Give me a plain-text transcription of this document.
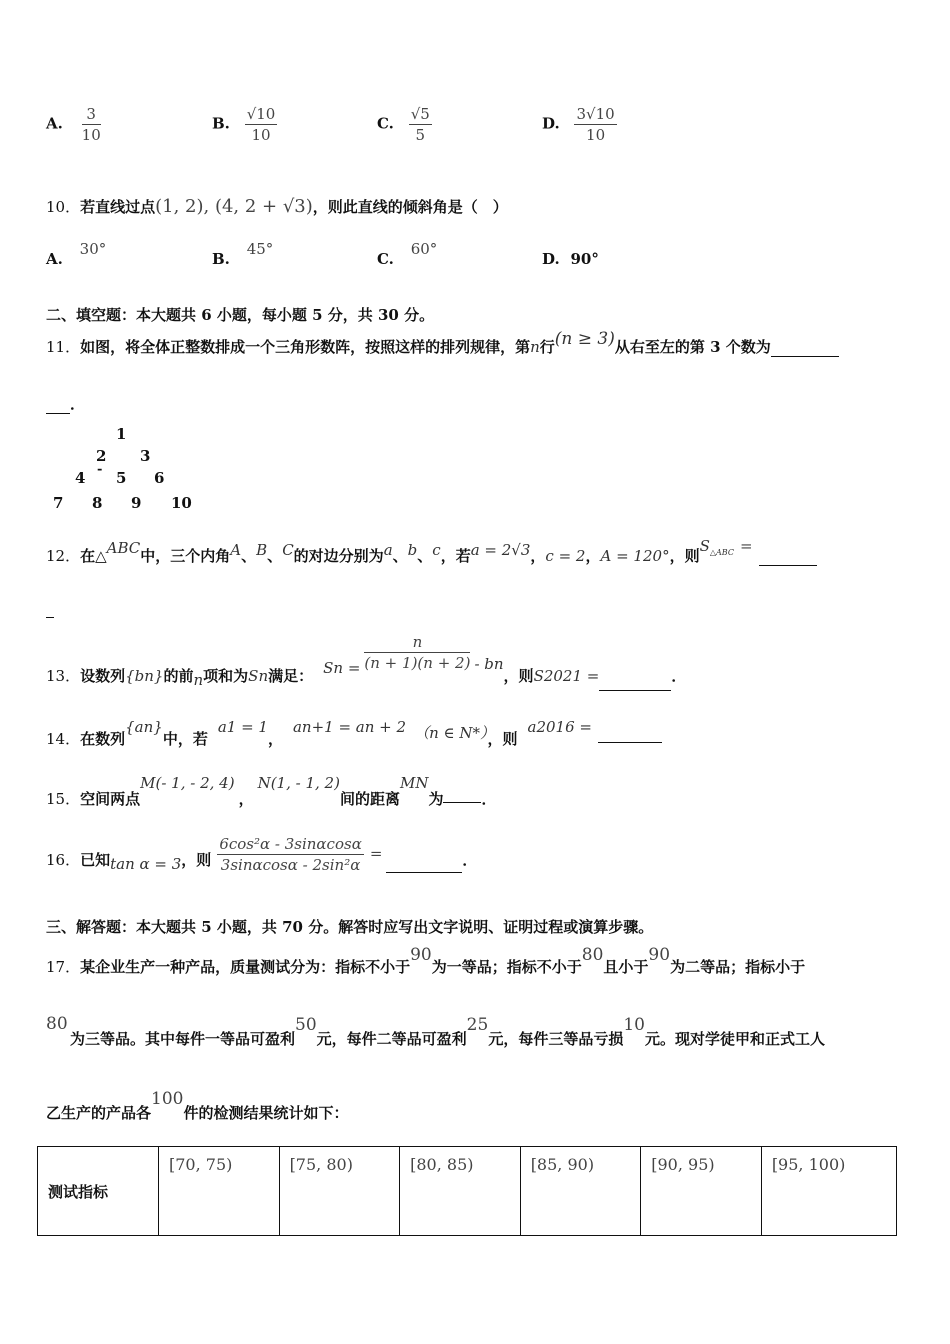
A. $\frac{3}{10}$	B. $\frac{√10}{10}$	C. $\frac{√5}{5}$	D. $\frac{3√10}{10}$
10．若直线过点(1, 2), (4, 2 + √3)，则此直线的倾斜角是（　）
A. 30°
B. 45°
C. 60°
D. 90°
二、填空题：本大题共 6 小题，每小题 5 分，共 30 分。
11．如图，将全体正整数排成一个三角形数阵，按照这样的排列规律，第n行(n ≥ 3)从右至左的第 3 个数为
．
1
2 3
4 - 5 6
7 8 9 10
12．在△ABC中，三个内角A、B、C的对边分别为a、b、c，若a = 2√3，c = 2，A = 120°，则$S^{\triangle ABC}$ =
13．设数列{bn}的前n项和为Sn满足： $Sn = \frac{n}{(n + 1)(n + 2)}$ - bn，则S2021 =	．
14．在数列{an}中，若a1 = 1，an+1 = an + 2 （n ∈ N*），则a2016 =
15．空间两点M(- 1, - 2, 4)，N(1, - 1, 2)间的距离MN为	．
16．已知tan α = 3，则 $\frac{\text{6cos²α - 3sinαcosα}}{\text{3sinαcosα - 2sin²α}}$ =	．
三、解答题：本大题共 5 小题，共 70 分。解答时应写出文字说明、证明过程或演算步骤。
17．某企业生产一种产品，质量测试分为：指标不小于90为一等品；指标不小于80且小于90为二等品；指标小于
80
为三等品。其中每件一等品可盈利50元，每件二等品可盈利25元，每件三等品亏损10元。现对学徒甲和正式工人
乙生产的产品各100件的检测结果统计如下：
测试指标	[70, 75)	[75, 80)	[80, 85)	[85, 90)	[90, 95)	[95, 100)
